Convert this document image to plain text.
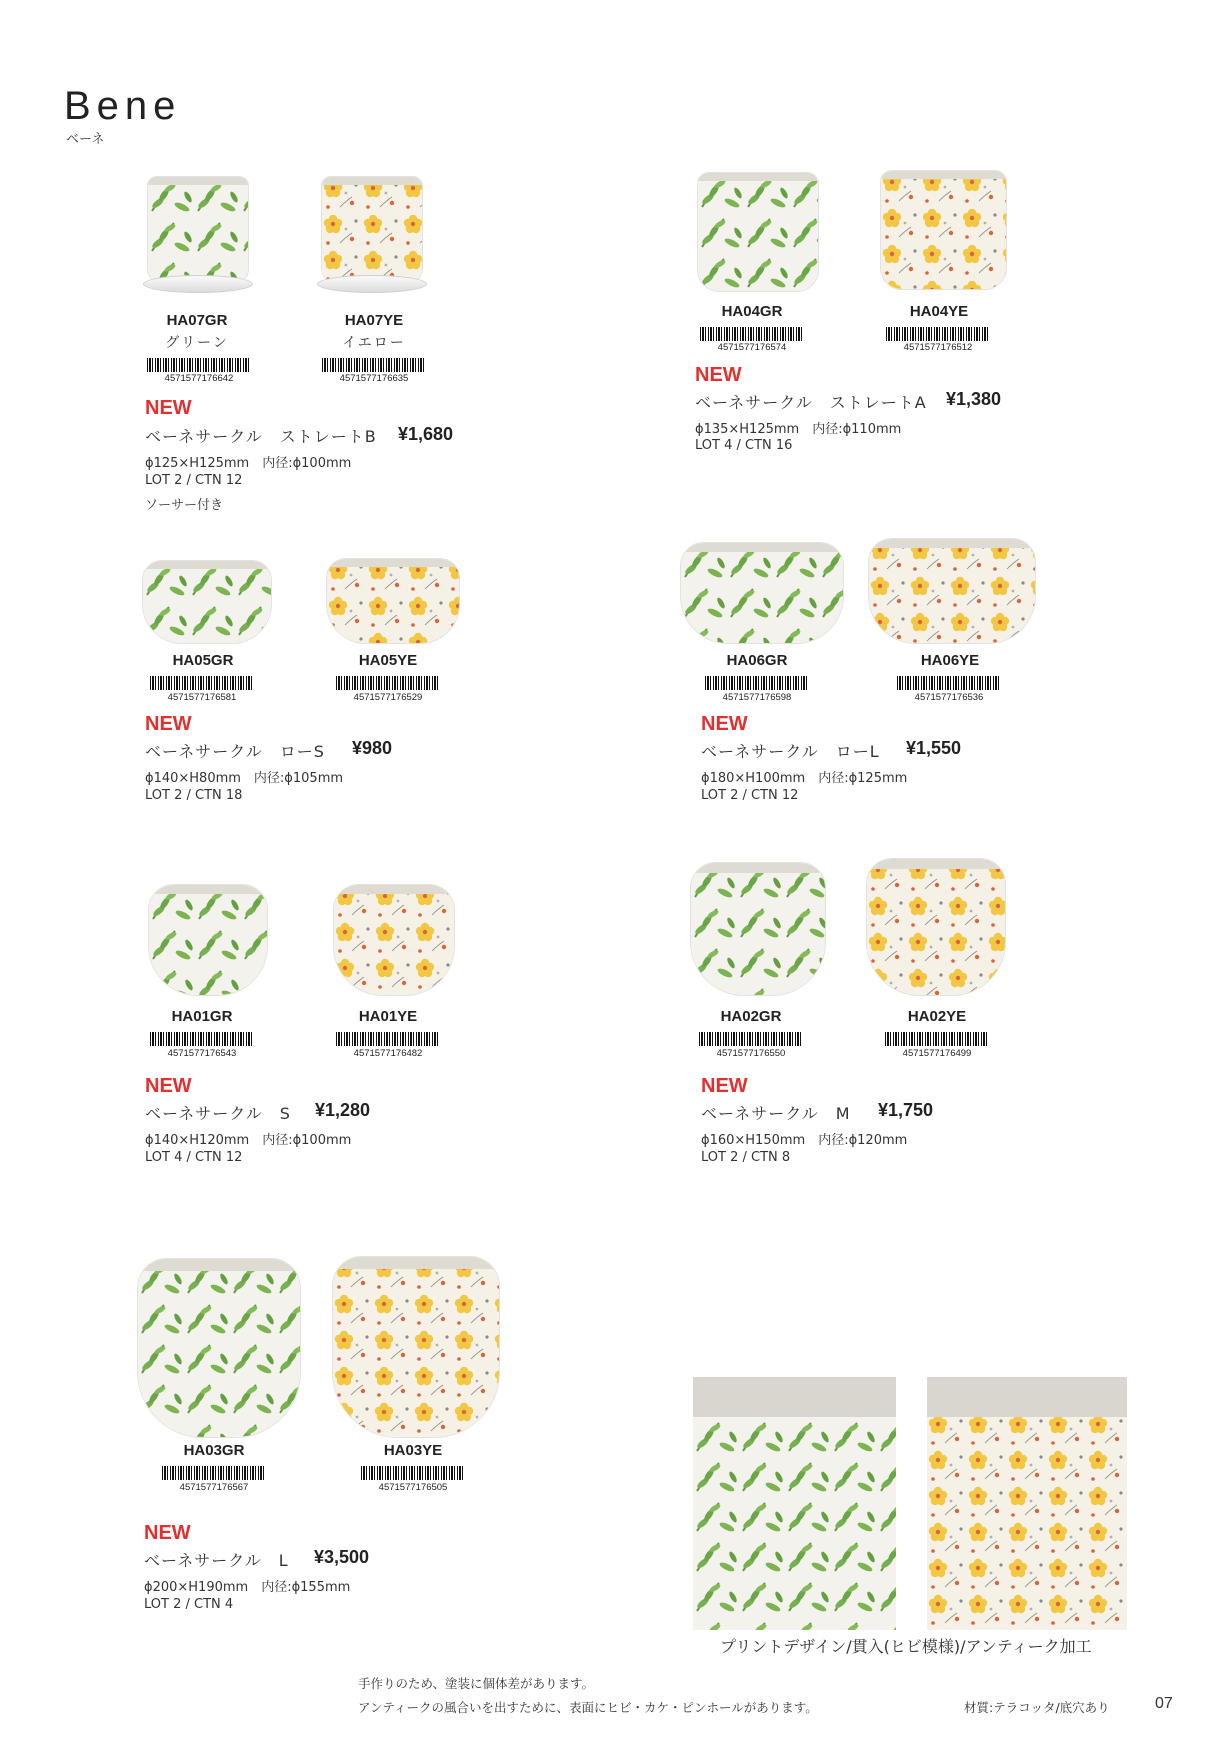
Bene
ベーネ
HA07GR
グリーン
4571577176642
HA07YE
イエロー
4571577176635
NEW
ベーネサークル　ストレートB ¥1,680
ϕ125×H125mm　内径:ϕ100mm
LOT 2 / CTN 12
ソーサー付き
HA04GR
4571577176574
HA04YE
4571577176512
NEW
ベーネサークル　ストレートA ¥1,380
ϕ135×H125mm　内径:ϕ110mm
LOT 4 / CTN 16
HA05GR
4571577176581
HA05YE
4571577176529
NEW
ベーネサークル　ローS ¥980
ϕ140×H80mm　内径:ϕ105mm
LOT 2 / CTN 18
HA06GR
4571577176598
HA06YE
4571577176536
NEW
ベーネサークル　ローL ¥1,550
ϕ180×H100mm　内径:ϕ125mm
LOT 2 / CTN 12
HA01GR
4571577176543
HA01YE
4571577176482
NEW
ベーネサークル　S ¥1,280
ϕ140×H120mm　内径:ϕ100mm
LOT 4 / CTN 12
HA02GR
4571577176550
HA02YE
4571577176499
NEW
ベーネサークル　M ¥1,750
ϕ160×H150mm　内径:ϕ120mm
LOT 2 / CTN 8
HA03GR
4571577176567
HA03YE
4571577176505
NEW
ベーネサークル　L ¥3,500
ϕ200×H190mm　内径:ϕ155mm
LOT 2 / CTN 4
プリントデザイン/貫入(ヒビ模様)/アンティーク加工
手作りのため、塗装に個体差があります。
アンティークの風合いを出すために、表面にヒビ・カケ・ピンホールがあります。	材質:テラコッタ/底穴あり	07
